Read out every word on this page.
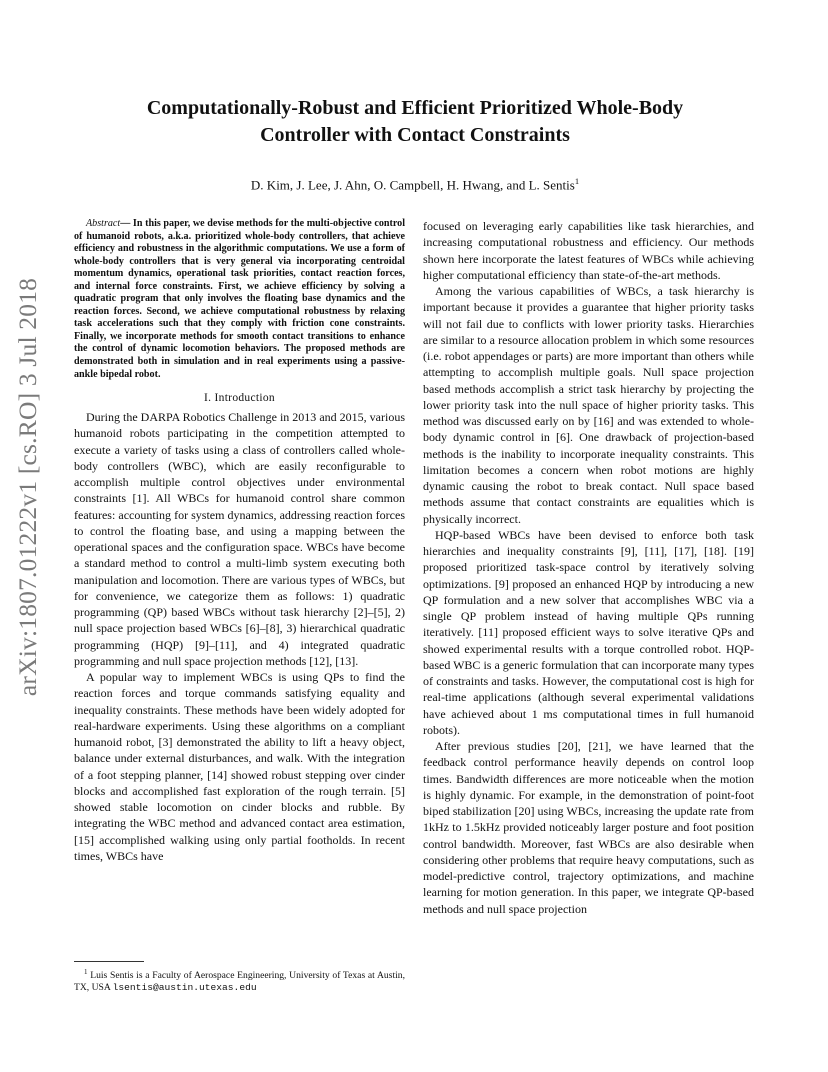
arXiv:1807.01222v1 [cs.RO] 3 Jul 2018
Computationally-Robust and Efficient Prioritized Whole-Body
Controller with Contact Constraints
D. Kim, J. Lee, J. Ahn, O. Campbell, H. Hwang, and L. Sentis$^1$

Abstract— In this paper, we devise methods for the multi-objective control of humanoid robots, a.k.a. prioritized whole-body controllers, that achieve efficiency and robustness in the algorithmic computations. We use a form of whole-body controllers that is very general via incorporating centroidal momentum dynamics, operational task priorities, contact reaction forces, and internal force constraints. First, we achieve efficiency by solving a quadratic program that only involves the floating base dynamics and the reaction forces. Second, we achieve computational robustness by relaxing task accelerations such that they comply with friction cone constraints. Finally, we incorporate methods for smooth contact transitions to enhance the control of dynamic locomotion behaviors. The proposed methods are demonstrated both in simulation and in real experiments using a passive-ankle bipedal robot.

I. Introduction

During the DARPA Robotics Challenge in 2013 and 2015, various humanoid robots participating in the competition attempted to execute a variety of tasks using a class of controllers called whole-body controllers (WBC), which are easily reconfigurable to accomplish multiple control objectives under environmental constraints [1]. All WBCs for humanoid control share common features: accounting for system dynamics, addressing reaction forces to control the floating base, and using a mapping between the operational spaces and the configuration space. WBCs have become a standard method to control a multi-limb system executing both manipulation and locomotion. There are various types of WBCs, but for convenience, we categorize them as follows: 1) quadratic programming (QP) based WBCs without task hierarchy [2]–[5], 2) null space projection based WBCs [6]–[8], 3) hierarchical quadratic programming (HQP) [9]–[11], and 4) integrated quadratic programming and null space projection methods [12], [13].

A popular way to implement WBCs is using QPs to find the reaction forces and torque commands satisfying equality and inequality constraints. These methods have been widely adopted for real-hardware experiments. Using these algorithms on a compliant humanoid robot, [3] demonstrated the ability to lift a heavy object, balance under external disturbances, and walk. With the integration of a foot stepping planner, [14] showed robust stepping over cinder blocks and accomplished fast exploration of the rough terrain. [5] showed stable locomotion on cinder blocks and rubble. By integrating the WBC method and advanced contact area estimation, [15] accomplished walking using only partial footholds. In recent times, WBCs have

focused on leveraging early capabilities like task hierarchies, and increasing computational robustness and efficiency. Our methods shown here incorporate the latest features of WBCs while achieving higher computational efficiency than state-of-the-art methods.

Among the various capabilities of WBCs, a task hierarchy is important because it provides a guarantee that higher priority tasks will not fail due to conflicts with lower priority tasks. Hierarchies are similar to a resource allocation problem in which some resources (i.e. robot appendages or parts) are more important than others while attempting to accomplish multiple goals. Null space projection based methods accomplish a strict task hierarchy by projecting the lower priority task into the null space of higher priority tasks. This method was discussed early on by [16] and was extended to whole-body dynamic control in [6]. One drawback of projection-based methods is the inability to incorporate inequality constraints. This limitation becomes a concern when robot motions are highly dynamic causing the robot to break contact. Null space based methods assume that contact constraints are equalities which is physically incorrect.

HQP-based WBCs have been devised to enforce both task hierarchies and inequality constraints [9], [11], [17], [18]. [19] proposed prioritized task-space control by iteratively solving optimizations. [9] proposed an enhanced HQP by introducing a new QP formulation and a new solver that accomplishes WBC via a single QP problem instead of having multiple QPs running iteratively. [11] proposed efficient ways to solve iterative QPs and showed experimental results with a torque controlled robot. HQP-based WBC is a generic formulation that can incorporate many types of constraints and tasks. However, the computational cost is high for real-time applications (although several experimental validations have achieved about 1 ms computational times in full humanoid robots).

After previous studies [20], [21], we have learned that the feedback control performance heavily depends on control loop times. Bandwidth differences are more noticeable when the motion is highly dynamic. For example, in the demonstration of point-foot biped stabilization [20] using WBCs, increasing the update rate from 1kHz to 1.5kHz provided noticeably larger posture and foot position control bandwidth. Moreover, fast WBCs are also desirable when considering other problems that require heavy computations, such as model-predictive control, trajectory optimizations, and machine learning for motion generation. In this paper, we integrate QP-based methods and null space projection

$^1$ Luis Sentis is a Faculty of Aerospace Engineering, University of Texas at Austin, TX, USA lsentis@austin.utexas.edu
